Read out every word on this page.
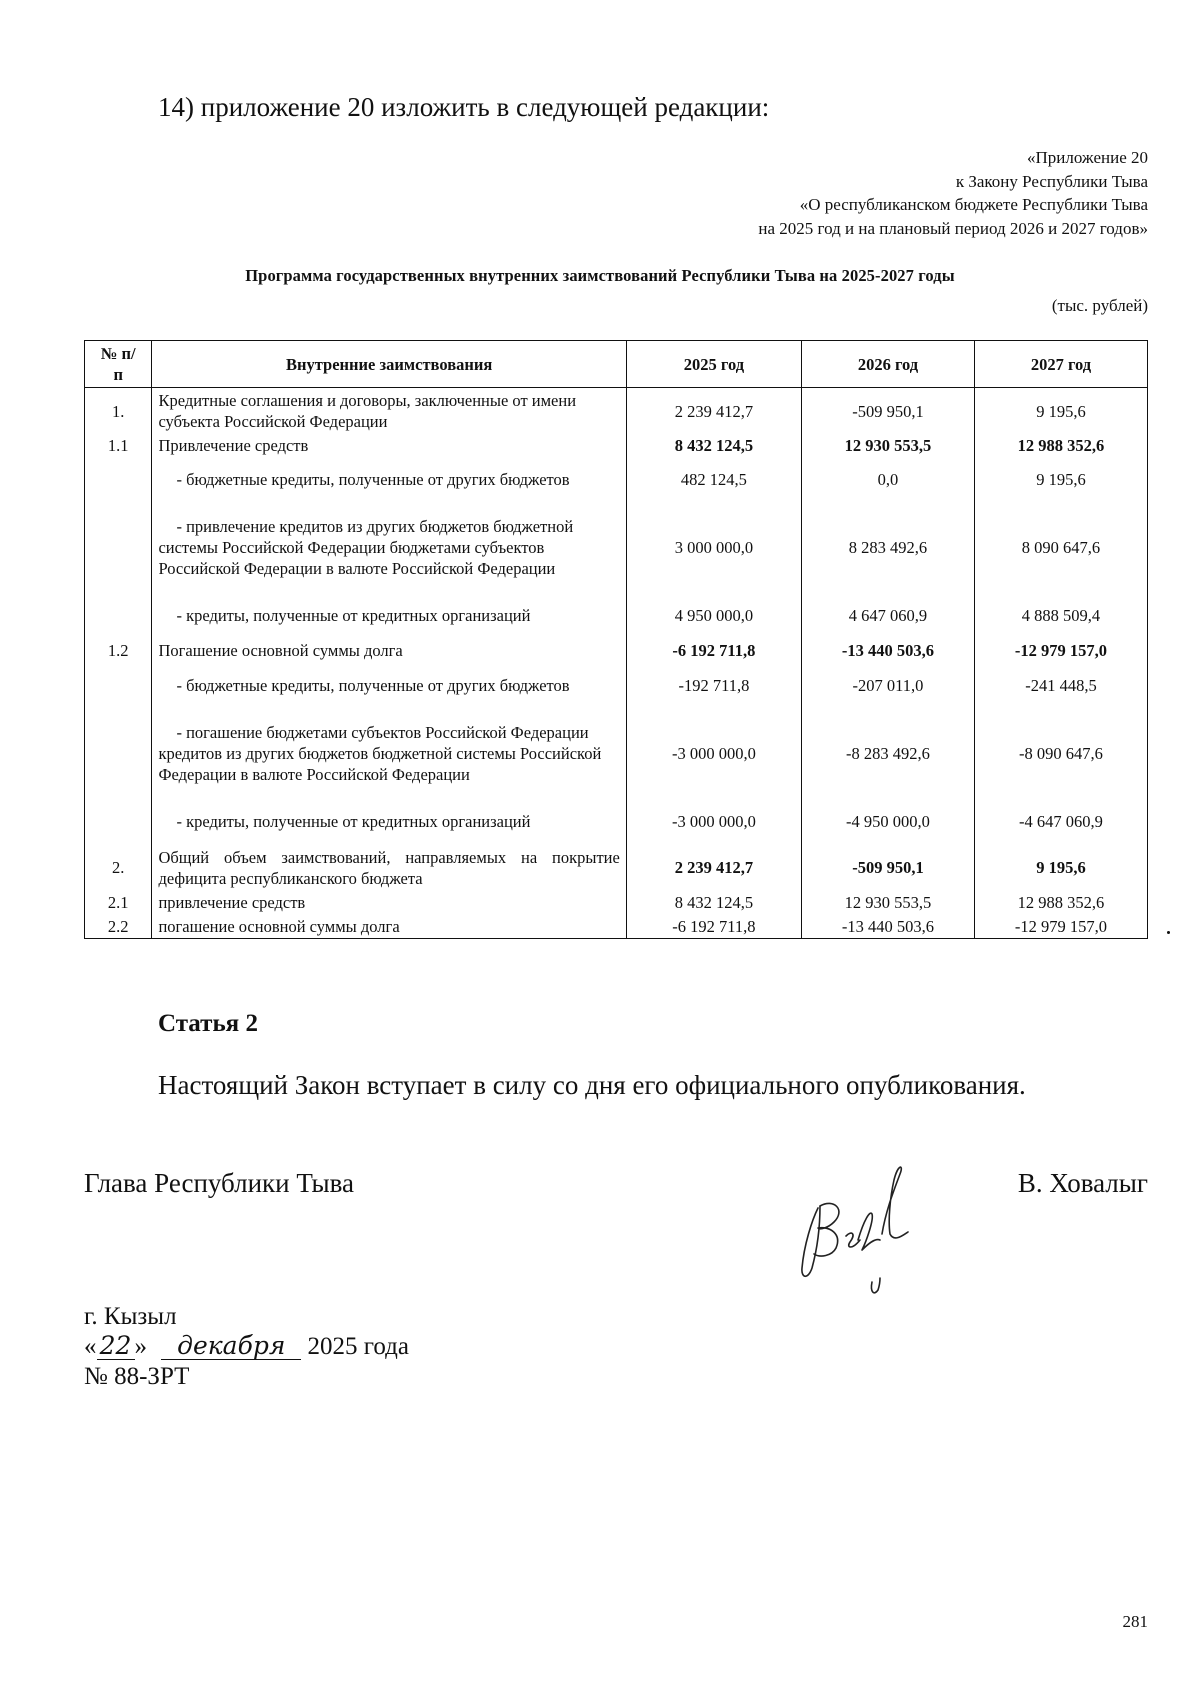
14) приложение 20 изложить в следующей редакции:
«Приложение 20
к Закону Республики Тыва
«О республиканском бюджете Республики Тыва
на 2025 год и на плановый период 2026 и 2027 годов»
Программа государственных внутренних заимствований Республики Тыва на 2025-2027 годы
(тыс. рублей)
№ п/п	Внутренние заимствования	2025 год	2026 год	2027 год
1.	Кредитные соглашения и договоры, заключенные от имени субъекта Российской Федерации	2 239 412,7	-509 950,1	9 195,6
1.1	Привлечение средств	8 432 124,5	12 930 553,5	12 988 352,6
	- бюджетные кредиты, полученные от других бюджетов	482 124,5	0,0	9 195,6
	- привлечение кредитов из других бюджетов бюджетной системы Российской Федерации бюджетами субъектов Российской Федерации в валюте Российской Федерации	3 000 000,0	8 283 492,6	8 090 647,6
	- кредиты, полученные от кредитных организаций	4 950 000,0	4 647 060,9	4 888 509,4
1.2	Погашение основной суммы долга	-6 192 711,8	-13 440 503,6	-12 979 157,0
	- бюджетные кредиты, полученные от других бюджетов	-192 711,8	-207 011,0	-241 448,5
	- погашение бюджетами субъектов Российской Федерации кредитов из других бюджетов бюджетной системы Российской Федерации в валюте Российской Федерации	-3 000 000,0	-8 283 492,6	-8 090 647,6
	- кредиты, полученные от кредитных организаций	-3 000 000,0	-4 950 000,0	-4 647 060,9
2.	Общий объем заимствований, направляемых на покрытие дефицита республиканского бюджета	2 239 412,7	-509 950,1	9 195,6
2.1	привлечение средств	8 432 124,5	12 930 553,5	12 988 352,6
2.2	погашение основной суммы долга	-6 192 711,8	-13 440 503,6	-12 979 157,0
Статья 2
Настоящий Закон вступает в силу со дня его официального опубликования.
Глава Республики Тыва	В. Ховалыг
г. Кызыл
« 22 » декабря 2025 года
№ 88-ЗРТ
281
